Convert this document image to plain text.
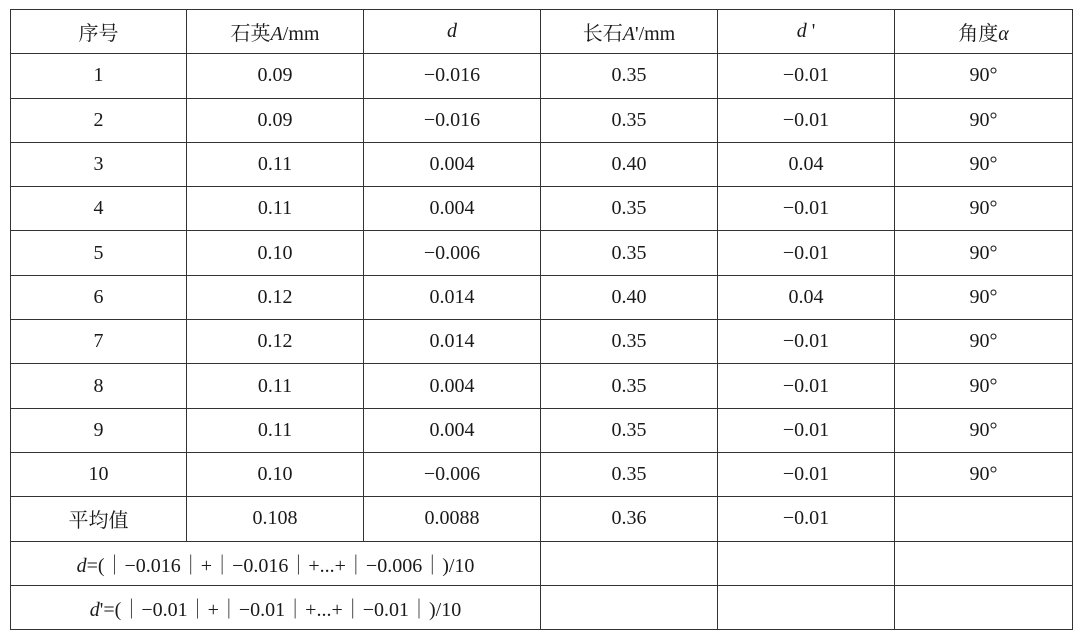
序号	石英A/mm	d	长石A'/mm	d '	角度α
1	0.09	−0.016	0.35	−0.01	90°
2	0.09	−0.016	0.35	−0.01	90°
3	0.11	0.004	0.40	0.04	90°
4	0.11	0.004	0.35	−0.01	90°
5	0.10	−0.006	0.35	−0.01	90°
6	0.12	0.014	0.40	0.04	90°
7	0.12	0.014	0.35	−0.01	90°
8	0.11	0.004	0.35	−0.01	90°
9	0.11	0.004	0.35	−0.01	90°
10	0.10	−0.006	0.35	−0.01	90°
平均值	0.108	0.0088	0.36	−0.01	
d=(｜−0.016｜+｜−0.016｜+...+｜−0.006｜)/10					
d'=(｜−0.01｜+｜−0.01｜+...+｜−0.01｜)/10					
